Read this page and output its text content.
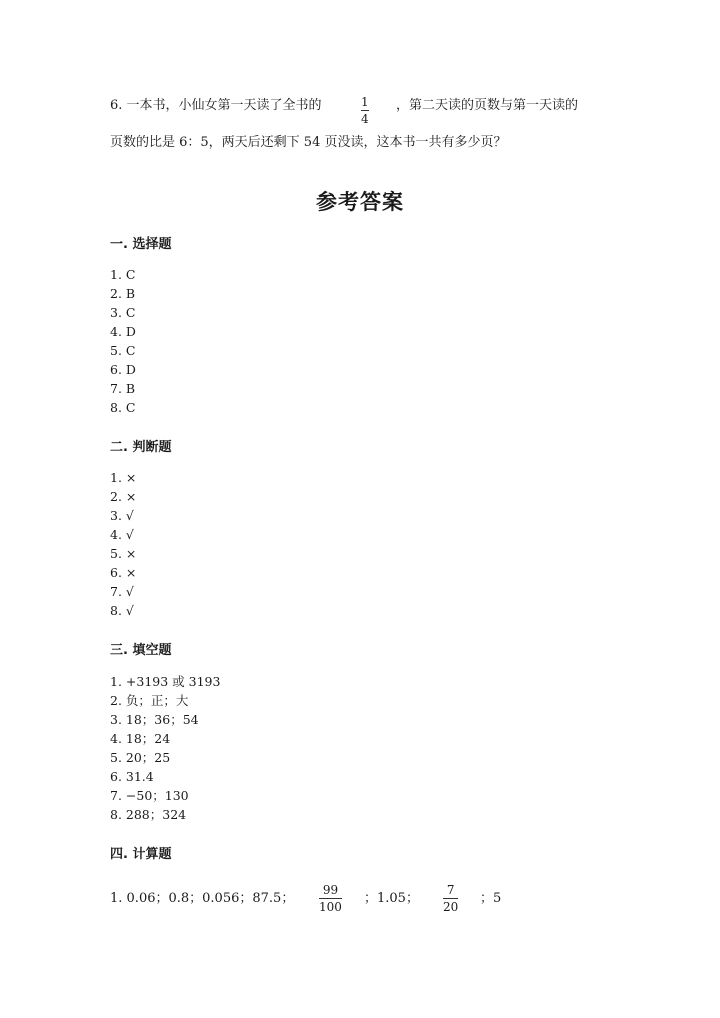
6. 一本书，小仙女第一天读了全书的	1
4
，第二天读的页数与第一天读的
页数的比是 6：5，两天后还剩下 54 页没读，这本书一共有多少页？
参考答案
一. 选择题
1. C
2. B
3. C
4. D
5. C
6. D
7. B
8. C
二. 判断题
1. ×
2. ×
3. √
4. √
5. ×
6. ×
7. √
8. √
三. 填空题
1. +3193 或 3193
2. 负；正；大
3. 18；36；54
4. 18；24
5. 20；25
6. 31.4
7. −50；130
8. 288；324
四. 计算题
1. 0.06；0.8；0.056；87.5；
99
100
；1.05；
7
20
；5
